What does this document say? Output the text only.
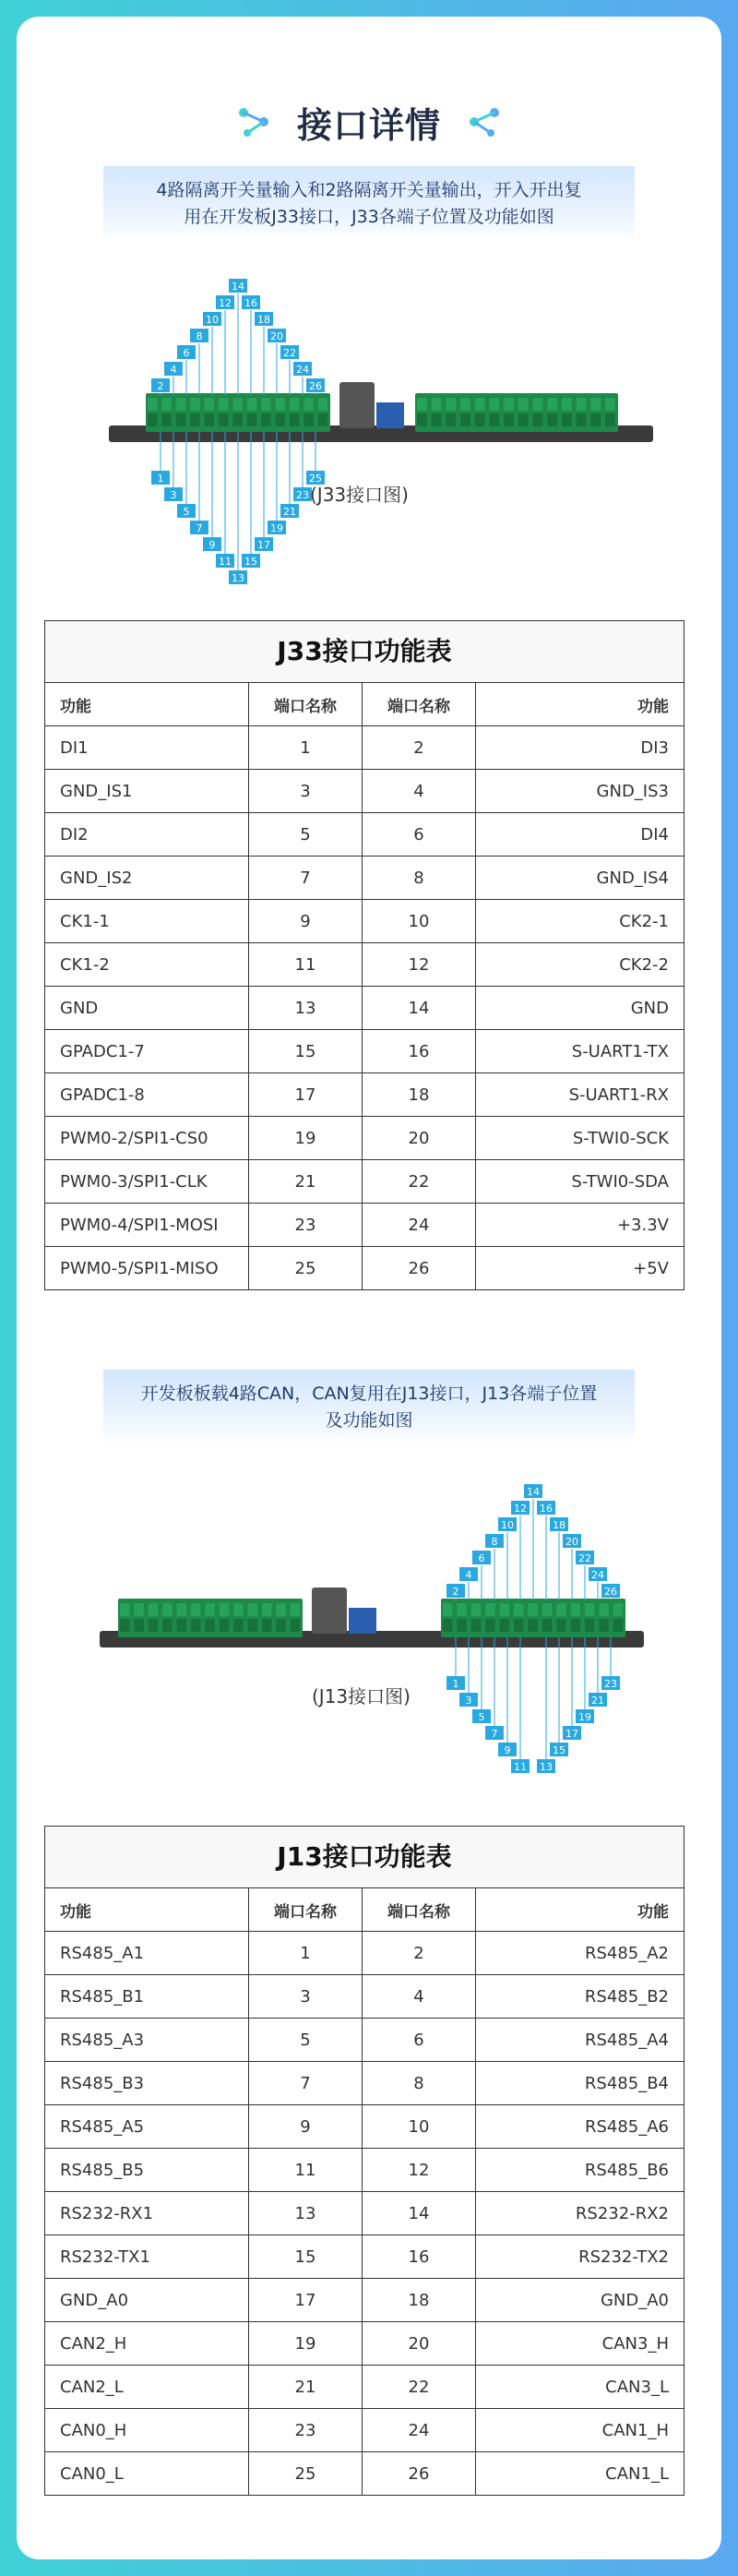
接口详情
4路隔离开关量输入和2路隔离开关量输出，开入开出复
用在开发板J33接口，J33各端子位置及功能如图
14
12 16
10	18
8	20
6	22
4	24
2	26
1	25
3	23
5	21
7	19
9	17
11 15
13
(J33接口图)
J33接口功能表
功能	端口名称	端口名称	功能
DI1	1	2	DI3
GND_IS1	3	4	GND_IS3
DI2	5	6	DI4
GND_IS2	7	8	GND_IS4
CK1-1	9	10	CK2-1
CK1-2	11	12	CK2-2
GND	13	14	GND
GPADC1-7	15	16	S-UART1-TX
GPADC1-8	17	18	S-UART1-RX
PWM0-2/SPI1-CS0	19	20	S-TWI0-SCK
PWM0-3/SPI1-CLK	21	22	S-TWI0-SDA
PWM0-4/SPI1-MOSI	23	24	+3.3V
PWM0-5/SPI1-MISO	25	26	+5V
开发板板载4路CAN，CAN复用在J13接口，J13各端子位置
及功能如图
14
12 16
10	18
8	20
6	22
4	24
2	26
1	23
3	21
5	19
7	17
9	15
11 13
(J13接口图)
J13接口功能表
功能	端口名称	端口名称	功能
RS485_A1	1	2	RS485_A2
RS485_B1	3	4	RS485_B2
RS485_A3	5	6	RS485_A4
RS485_B3	7	8	RS485_B4
RS485_A5	9	10	RS485_A6
RS485_B5	11	12	RS485_B6
RS232-RX1	13	14	RS232-RX2
RS232-TX1	15	16	RS232-TX2
GND_A0	17	18	GND_A0
CAN2_H	19	20	CAN3_H
CAN2_L	21	22	CAN3_L
CAN0_H	23	24	CAN1_H
CAN0_L	25	26	CAN1_L
